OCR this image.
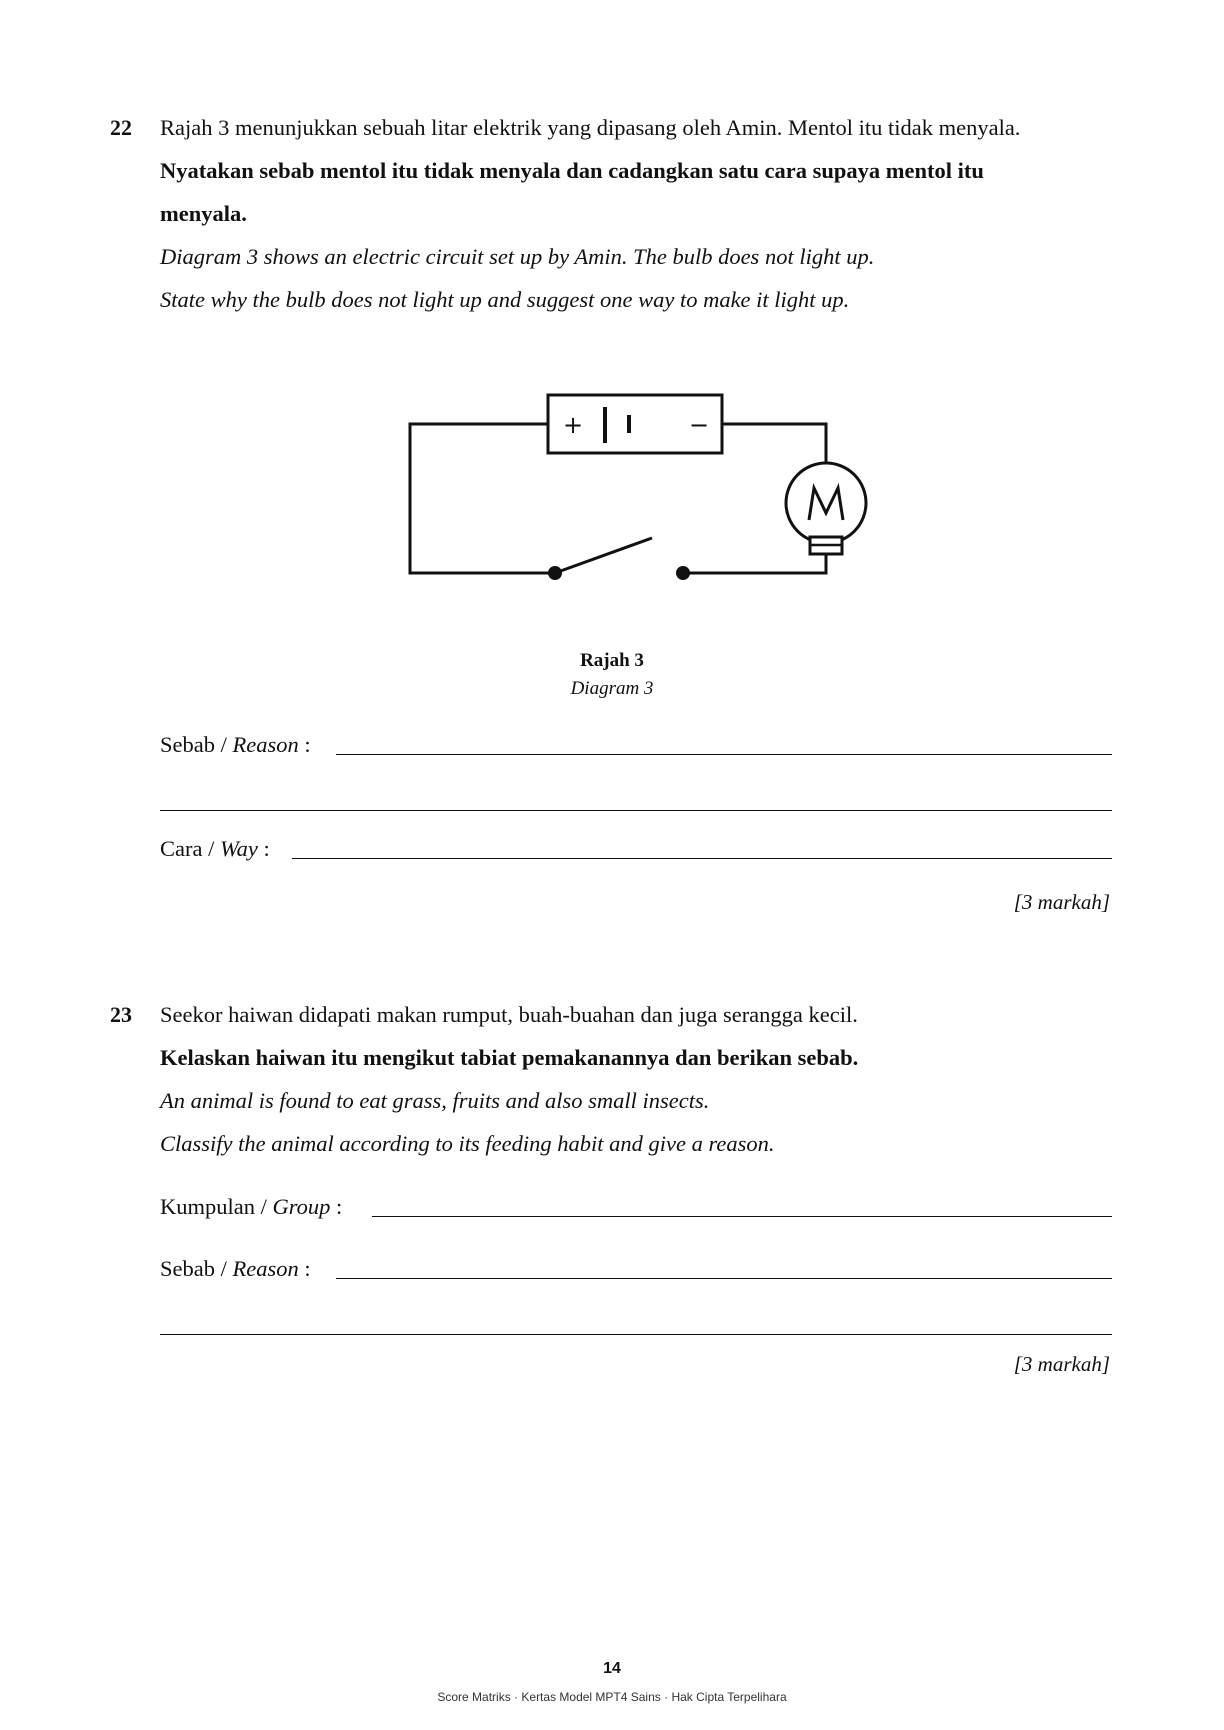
22 Rajah 3 menunjukkan sebuah litar elektrik yang dipasang oleh Amin. Mentol itu tidak menyala.
Nyatakan sebab mentol itu tidak menyala dan cadangkan satu cara supaya mentol itu
menyala.
Diagram 3 shows an electric circuit set up by Amin. The bulb does not light up.
State why the bulb does not light up and suggest one way to make it light up.
+	−
Rajah 3
Diagram 3
Sebab / Reason :
Cara / Way :
[3 markah]
23 Seekor haiwan didapati makan rumput, buah-buahan dan juga serangga kecil.
Kelaskan haiwan itu mengikut tabiat pemakanannya dan berikan sebab.
An animal is found to eat grass, fruits and also small insects.
Classify the animal according to its feeding habit and give a reason.
Kumpulan / Group :
Sebab / Reason :
[3 markah]
14
Score Matriks · Kertas Model MPT4 Sains · Hak Cipta Terpelihara
